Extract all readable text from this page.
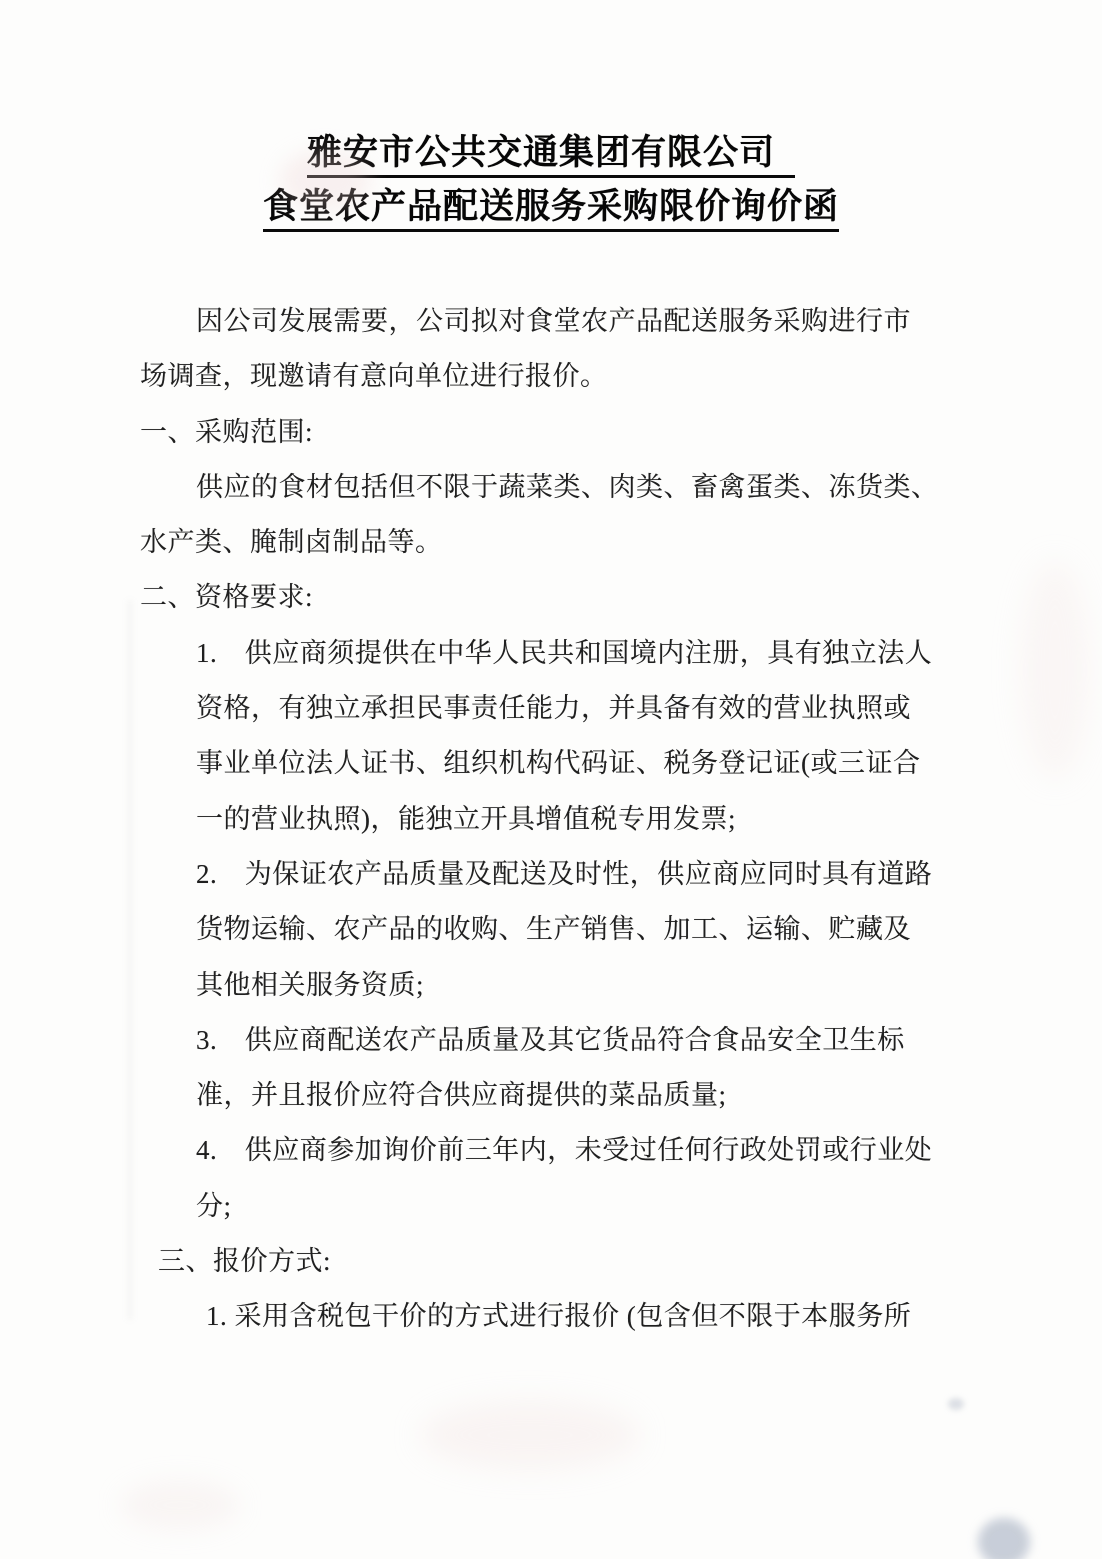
雅安市公共交通集团有限公司
食堂农产品配送服务采购限价询价函
因公司发展需要，公司拟对食堂农产品配送服务采购进行市
场调查，现邀请有意向单位进行报价。
一、采购范围:
供应的食材包括但不限于蔬菜类、肉类、畜禽蛋类、冻货类、
水产类、腌制卤制品等。
二、资格要求:
1.　供应商须提供在中华人民共和国境内注册，具有独立法人
资格，有独立承担民事责任能力，并具备有效的营业执照或
事业单位法人证书、组织机构代码证、税务登记证(或三证合
一的营业执照)，能独立开具增值税专用发票;
2.　为保证农产品质量及配送及时性，供应商应同时具有道路
货物运输、农产品的收购、生产销售、加工、运输、贮藏及
其他相关服务资质;
3.　供应商配送农产品质量及其它货品符合食品安全卫生标
准，并且报价应符合供应商提供的菜品质量;
4.　供应商参加询价前三年内，未受过任何行政处罚或行业处
分;
三、报价方式:
1. 采用含税包干价的方式进行报价 (包含但不限于本服务所
